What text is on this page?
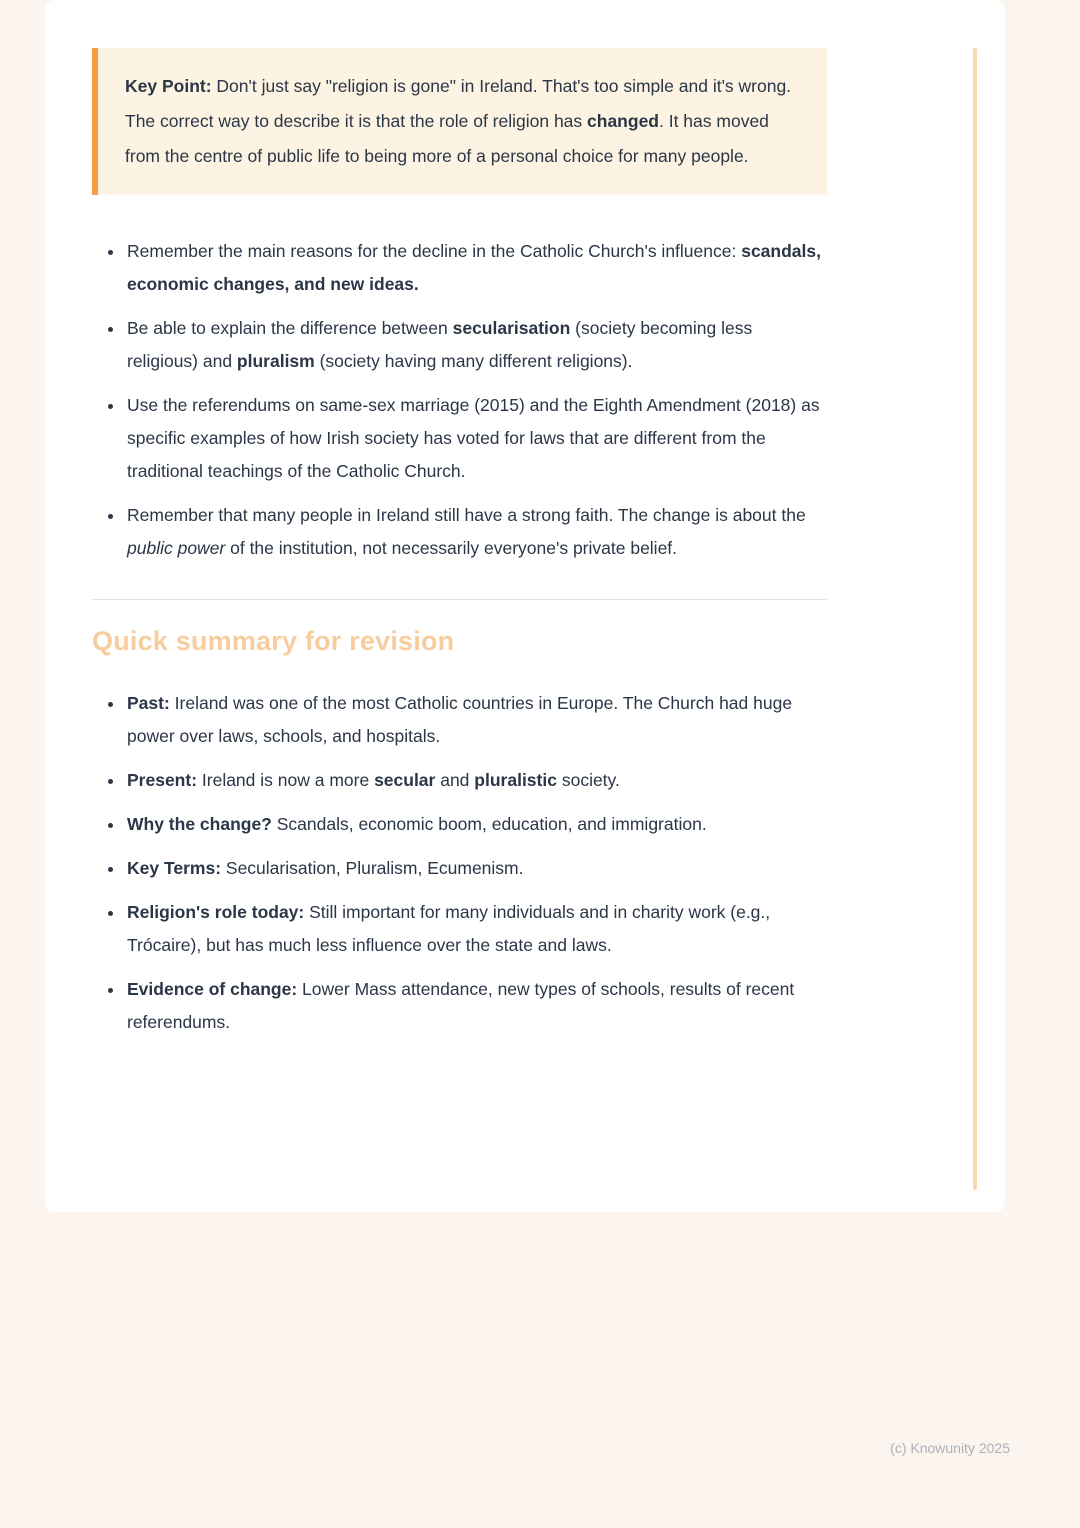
Key Point: Don't just say "religion is gone" in Ireland. That's too simple and it's wrong. The correct way to describe it is that the role of religion has changed. It has moved from the centre of public life to being more of a personal choice for many people.

• Remember the main reasons for the decline in the Catholic Church's influence: scandals, economic changes, and new ideas.
• Be able to explain the difference between secularisation (society becoming less religious) and pluralism (society having many different religions).
• Use the referendums on same-sex marriage (2015) and the Eighth Amendment (2018) as specific examples of how Irish society has voted for laws that are different from the traditional teachings of the Catholic Church.
• Remember that many people in Ireland still have a strong faith. The change is about the public power of the institution, not necessarily everyone's private belief.
Quick summary for revision
• Past: Ireland was one of the most Catholic countries in Europe. The Church had huge power over laws, schools, and hospitals.
• Present: Ireland is now a more secular and pluralistic society.
• Why the change? Scandals, economic boom, education, and immigration.
• Key Terms: Secularisation, Pluralism, Ecumenism.
• Religion's role today: Still important for many individuals and in charity work (e.g., Trócaire), but has much less influence over the state and laws.
• Evidence of change: Lower Mass attendance, new types of schools, results of recent referendums.
(c) Knowunity 2025
